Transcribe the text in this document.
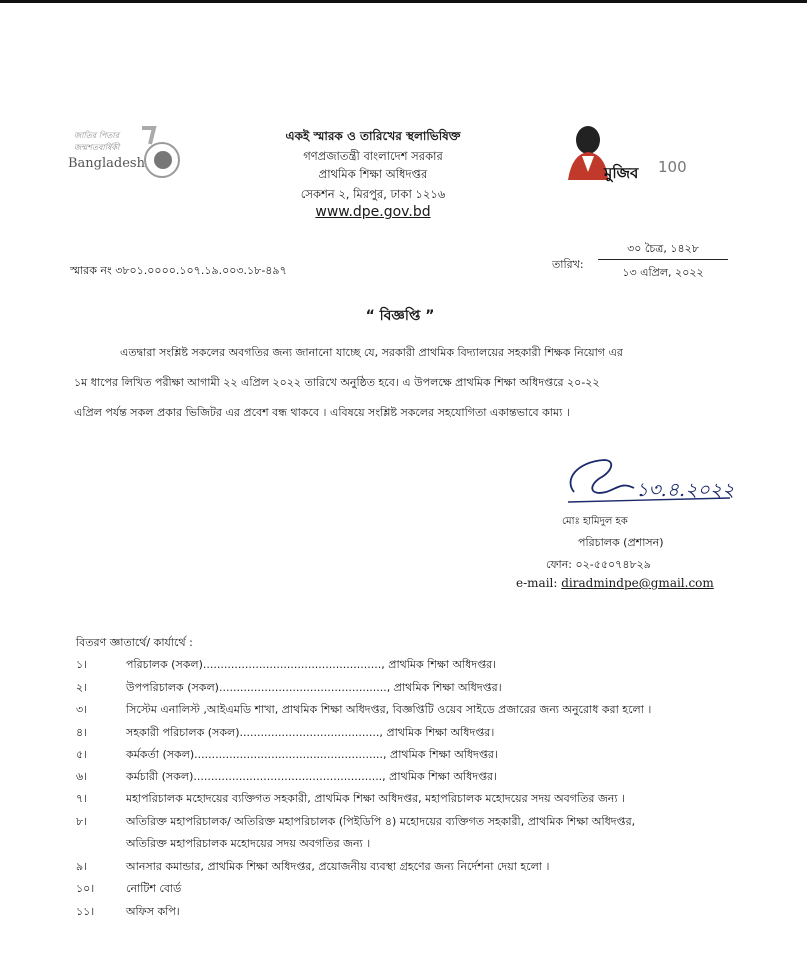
জাতির পিতার
জন্মশতবার্ষিকী
Bangladesh
মুজিব 100
একই স্মারক ও তারিখের স্থলাভিষিক্ত
গণপ্রজাতন্ত্রী বাংলাদেশ সরকার
প্রাথমিক শিক্ষা অধিদপ্তর
সেকশন ২, মিরপুর, ঢাকা ১২১৬
www.dpe.gov.bd
স্মারক নং ৩৮০১.০০০০.১০৭.১৯.০০৩.১৮-৪৯৭	তারিখ:
৩০ চৈত্র, ১৪২৮
১৩ এপ্রিল, ২০২২
“ বিজ্ঞপ্তি ”
এতদ্বারা সংশ্লিষ্ট সকলের অবগতির জন্য জানানো যাচ্ছে যে, সরকারী প্রাথমিক বিদ্যালয়ের সহকারী শিক্ষক নিয়োগ এর
১ম ধাপের লিখিত পরীক্ষা আগামী ২২ এপ্রিল ২০২২ তারিখে অনুষ্ঠিত হবে। এ উপলক্ষে প্রাথমিক শিক্ষা অধিদপ্তরে ২০-২২
এপ্রিল পর্যন্ত সকল প্রকার ভিজিটর এর প্রবেশ বন্ধ থাকবে । এবিষয়ে সংশ্লিষ্ট সকলের সহযোগিতা একান্তভাবে কাম্য ।
১৩.৪.২০২২
মোঃ হামিদুল হক
পরিচালক (প্রশাসন)
ফোন: ০২-৫৫০৭৪৮২৯
e-mail: diradmindpe@gmail.com
বিতরণ জ্ঞাতার্থে/ কার্যার্থে :
১।	পরিচালক (সকল)..................................................., প্রাথমিক শিক্ষা অধিদপ্তর।
২।	উপপরিচালক (সকল)................................................, প্রাথমিক শিক্ষা অধিদপ্তর।
৩।	সিস্টেম এনালিস্ট ,আইএমডি শাখা, প্রাথমিক শিক্ষা অধিদপ্তর, বিজ্ঞপ্তিটি ওয়েব সাইডে প্রজারের জন্য অনুরোধ করা হলো ।
৪।	সহকারী পরিচালক (সকল)........................................, প্রাথমিক শিক্ষা অধিদপ্তর।
৫।	কর্মকর্তা (সকল)......................................................, প্রাথমিক শিক্ষা অধিদপ্তর।
৬।	কর্মচারী (সকল)......................................................, প্রাথমিক শিক্ষা অধিদপ্তর।
৭।	মহাপরিচালক মহোদয়ের ব্যক্তিগত সহকারী, প্রাথমিক শিক্ষা অধিদপ্তর, মহাপরিচালক মহোদয়ের সদয় অবগতির জন্য ।
৮।	অতিরিক্ত মহাপরিচালক/ অতিরিক্ত মহাপরিচালক (পিইডিপি ৪) মহোদয়ের ব্যক্তিগত সহকারী, প্রাথমিক শিক্ষা অধিদপ্তর,
অতিরিক্ত মহাপরিচালক মহোদয়ের সদয় অবগতির জন্য ।
৯।	আনসার কমান্ডার, প্রাথমিক শিক্ষা অধিদপ্তর, প্রয়োজনীয় ব্যবস্থা গ্রহণের জন্য নির্দেশনা দেয়া হলো ।
১০।	নোটিশ বোর্ড
১১।	অফিস কপি।
